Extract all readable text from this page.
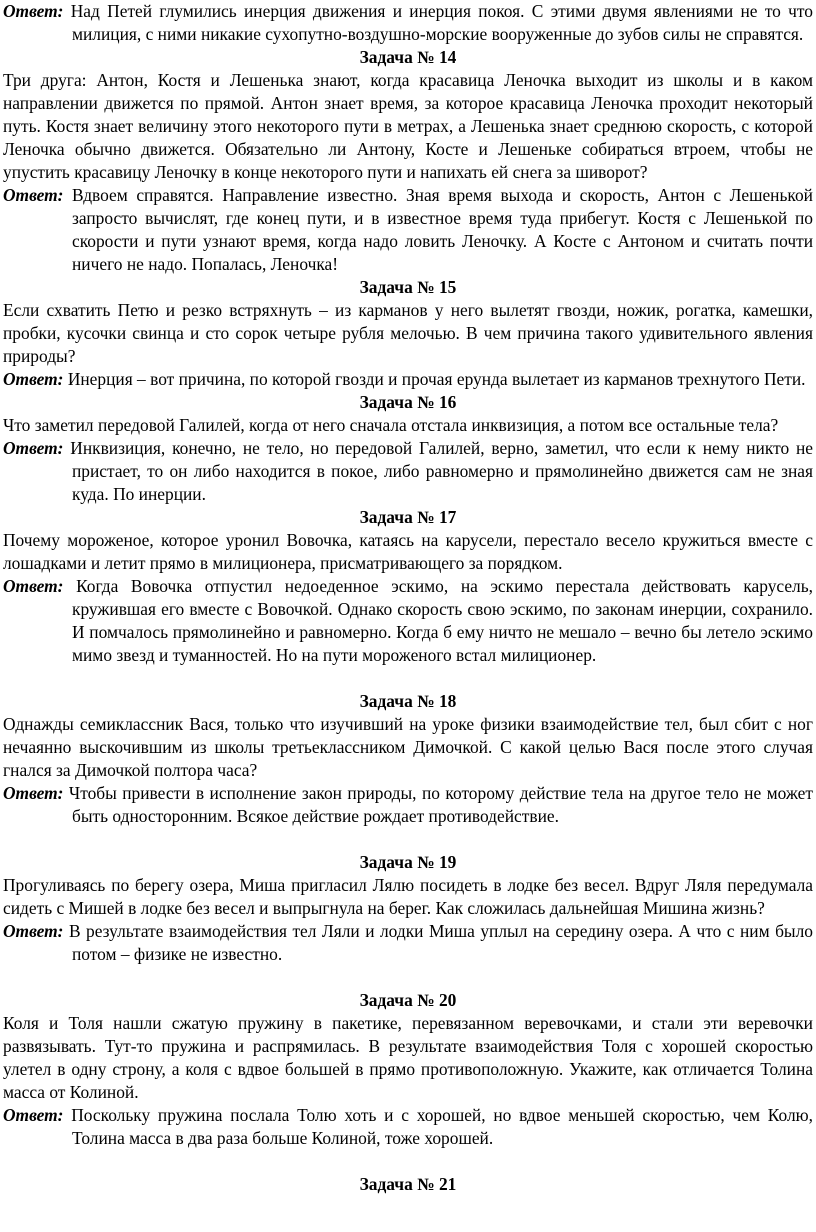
Ответ: Над Петей глумились инерция движения и инерция покоя. С этими двумя явлениями не то что милиция, с ними никакие сухопутно-воздушно-морские вооруженные до зубов силы не справятся.

Задача № 14

Три друга: Антон, Костя и Лешенька знают, когда красавица Леночка выходит из школы и в каком направлении движется по прямой. Антон знает время, за которое красавица Леночка проходит некоторый путь. Костя знает величину этого некоторого пути в метрах, а Лешенька знает среднюю скорость, с которой Леночка обычно движется. Обязательно ли Антону, Косте и Лешеньке собираться втроем, чтобы не упустить красавицу Леночку в конце некоторого пути и напихать ей снега за шиворот?

Ответ: Вдвоем справятся. Направление известно. Зная время выхода и скорость, Антон с Лешенькой запросто вычислят, где конец пути, и в известное время туда прибегут. Костя с Лешенькой по скорости и пути узнают время, когда надо ловить Леночку. А Косте с Антоном и считать почти ничего не надо. Попалась, Леночка!

Задача № 15

Если схватить Петю и резко встряхнуть – из карманов у него вылетят гвозди, ножик, рогатка, камешки, пробки, кусочки свинца и сто сорок четыре рубля мелочью. В чем причина такого удивительного явления природы?

Ответ: Инерция – вот причина, по которой гвозди и прочая ерунда вылетает из карманов трехнутого Пети.

Задача № 16

Что заметил передовой Галилей, когда от него сначала отстала инквизиция, а потом все остальные тела?

Ответ: Инквизиция, конечно, не тело, но передовой Галилей, верно, заметил, что если к нему никто не пристает, то он либо находится в покое, либо равномерно и прямолинейно движется сам не зная куда. По инерции.

Задача № 17

Почему мороженое, которое уронил Вовочка, катаясь на карусели, перестало весело кружиться вместе с лошадками и летит прямо в милиционера, присматривающего за порядком.

Ответ: Когда Вовочка отпустил недоеденное эскимо, на эскимо перестала действовать карусель, кружившая его вместе с Вовочкой. Однако скорость свою эскимо, по законам инерции, сохранило. И помчалось прямолинейно и равномерно. Когда б ему ничто не мешало – вечно бы летело эскимо мимо звезд и туманностей. Но на пути мороженого встал милиционер.

Задача № 18

Однажды семиклассник Вася, только что изучивший на уроке физики взаимодействие тел, был сбит с ног нечаянно выскочившим из школы третьеклассником Димочкой. С какой целью Вася после этого случая гнался за Димочкой полтора часа?

Ответ: Чтобы привести в исполнение закон природы, по которому действие тела на другое тело не может быть односторонним. Всякое действие рождает противодействие.

Задача № 19

Прогуливаясь по берегу озера, Миша пригласил Лялю посидеть в лодке без весел. Вдруг Ляля передумала сидеть с Мишей в лодке без весел и выпрыгнула на берег. Как сложилась дальнейшая Мишина жизнь?

Ответ: В результате взаимодействия тел Ляли и лодки Миша уплыл на середину озера. А что с ним было потом – физике не известно.

Задача № 20

Коля и Толя нашли сжатую пружину в пакетике, перевязанном веревочками, и стали эти веревочки развязывать. Тут-то пружина и распрямилась. В результате взаимодействия Толя с хорошей скоростью улетел в одну строну, а коля с вдвое большей в прямо противоположную. Укажите, как отличается Толина масса от Колиной.

Ответ: Поскольку пружина послала Толю хоть и с хорошей, но вдвое меньшей скоростью, чем Колю, Толина масса в два раза больше Колиной, тоже хорошей.

Задача № 21
